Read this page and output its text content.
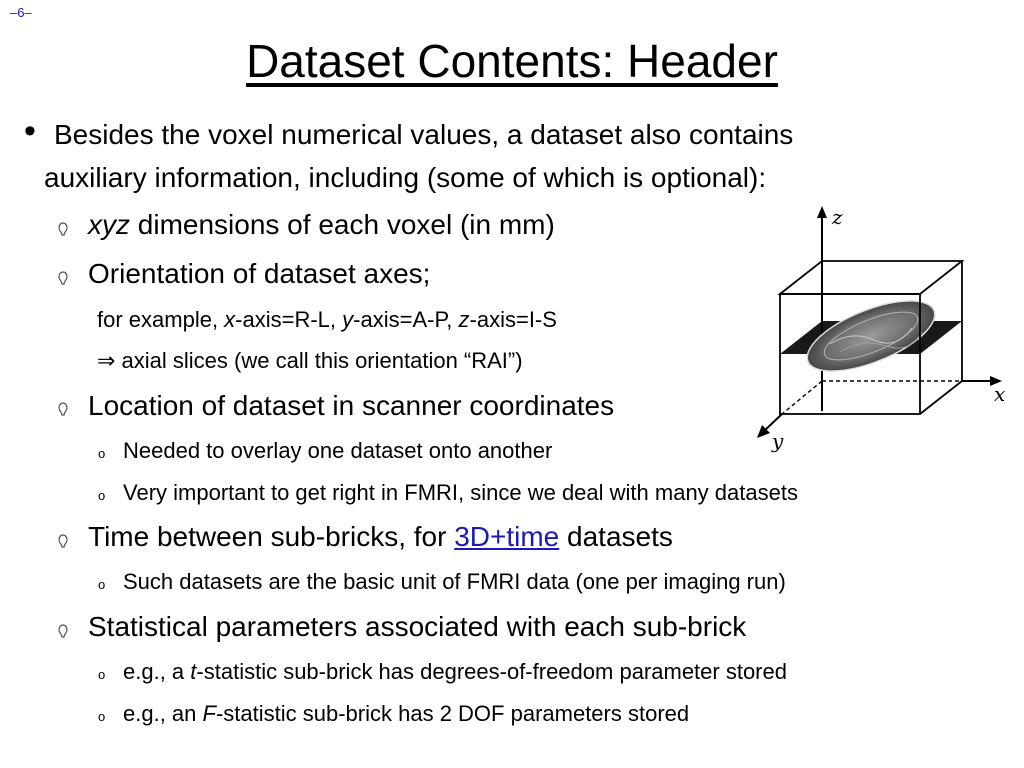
–6–
Dataset Contents: Header
• Besides the voxel numerical values, a dataset also contains
auxiliary information, including (some of which is optional):
xyz dimensions of each voxel (in mm)
Orientation of dataset axes;
for example, x-axis=R-L, y-axis=A-P, z-axis=I-S
⇒ axial slices (we call this orientation “RAI”)
Location of dataset in scanner coordinates
o Needed to overlay one dataset onto another
o Very important to get right in FMRI, since we deal with many datasets
Time between sub-bricks, for 3D+time datasets
o Such datasets are the basic unit of FMRI data (one per imaging run)
Statistical parameters associated with each sub-brick
o e.g., a t-statistic sub-brick has degrees-of-freedom parameter stored
o e.g., an F-statistic sub-brick has 2 DOF parameters stored
z
x
y
